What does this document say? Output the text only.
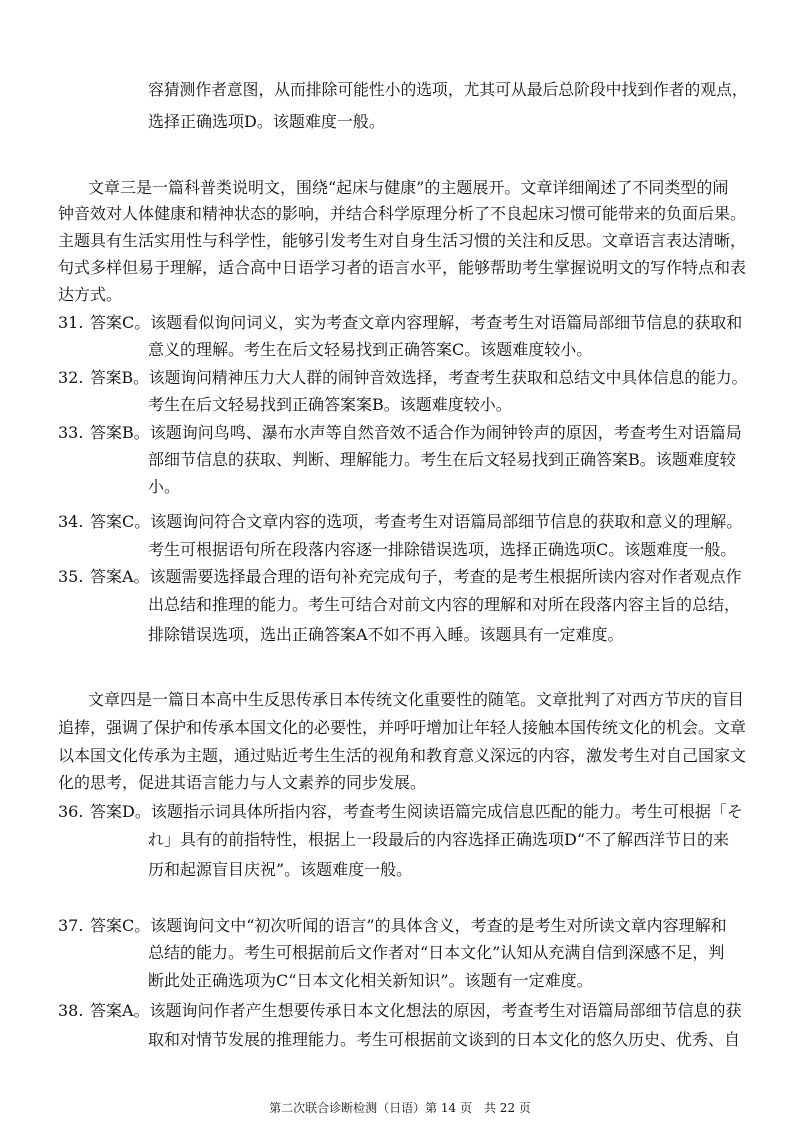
容猜测作者意图，从而排除可能性小的选项，尤其可从最后总阶段中找到作者的观点，
选择正确选项D。该题难度一般。
文章三是一篇科普类说明文，围绕“起床与健康”的主题展开。文章详细阐述了不同类型的闹
钟音效对人体健康和精神状态的影响，并结合科学原理分析了不良起床习惯可能带来的负面后果。
主题具有生活实用性与科学性，能够引发考生对自身生活习惯的关注和反思。文章语言表达清晰，
句式多样但易于理解，适合高中日语学习者的语言水平，能够帮助考生掌握说明文的写作特点和表
达方式。
31. 答案C。该题看似询问词义，实为考查文章内容理解，考查考生对语篇局部细节信息的获取和
意义的理解。考生在后文轻易找到正确答案C。该题难度较小。
32. 答案B。该题询问精神压力大人群的闹钟音效选择，考查考生获取和总结文中具体信息的能力。
考生在后文轻易找到正确答案案B。该题难度较小。
33. 答案B。该题询问鸟鸣、瀑布水声等自然音效不适合作为闹钟铃声的原因，考查考生对语篇局
部细节信息的获取、判断、理解能力。考生在后文轻易找到正确答案B。该题难度较
小。
34. 答案C。该题询问符合文章内容的选项，考查考生对语篇局部细节信息的获取和意义的理解。
考生可根据语句所在段落内容逐一排除错误选项，选择正确选项C。该题难度一般。
35. 答案A。该题需要选择最合理的语句补充完成句子，考查的是考生根据所读内容对作者观点作
出总结和推理的能力。考生可结合对前文内容的理解和对所在段落内容主旨的总结，
排除错误选项，选出正确答案A不如不再入睡。该题具有一定难度。
文章四是一篇日本高中生反思传承日本传统文化重要性的随笔。文章批判了对西方节庆的盲目
追捧，强调了保护和传承本国文化的必要性，并呼吁增加让年轻人接触本国传统文化的机会。文章
以本国文化传承为主题，通过贴近考生生活的视角和教育意义深远的内容，激发考生对自己国家文
化的思考，促进其语言能力与人文素养的同步发展。
36. 答案D。该题指示词具体所指内容，考查考生阅读语篇完成信息匹配的能力。考生可根据「そ
れ」具有的前指特性，根据上一段最后的内容选择正确选项D“不了解西洋节日的来
历和起源盲目庆祝”。该题难度一般。
37. 答案C。该题询问文中“初次听闻的语言”的具体含义，考查的是考生对所读文章内容理解和
总结的能力。考生可根据前后文作者对“日本文化”认知从充满自信到深感不足，判
断此处正确选项为C“日本文化相关新知识”。该题有一定难度。
38. 答案A。该题询问作者产生想要传承日本文化想法的原因，考查考生对语篇局部细节信息的获
取和对情节发展的推理能力。考生可根据前文谈到的日本文化的悠久历史、优秀、自
第二次联合诊断检测（日语）第 14 页　共 22 页
